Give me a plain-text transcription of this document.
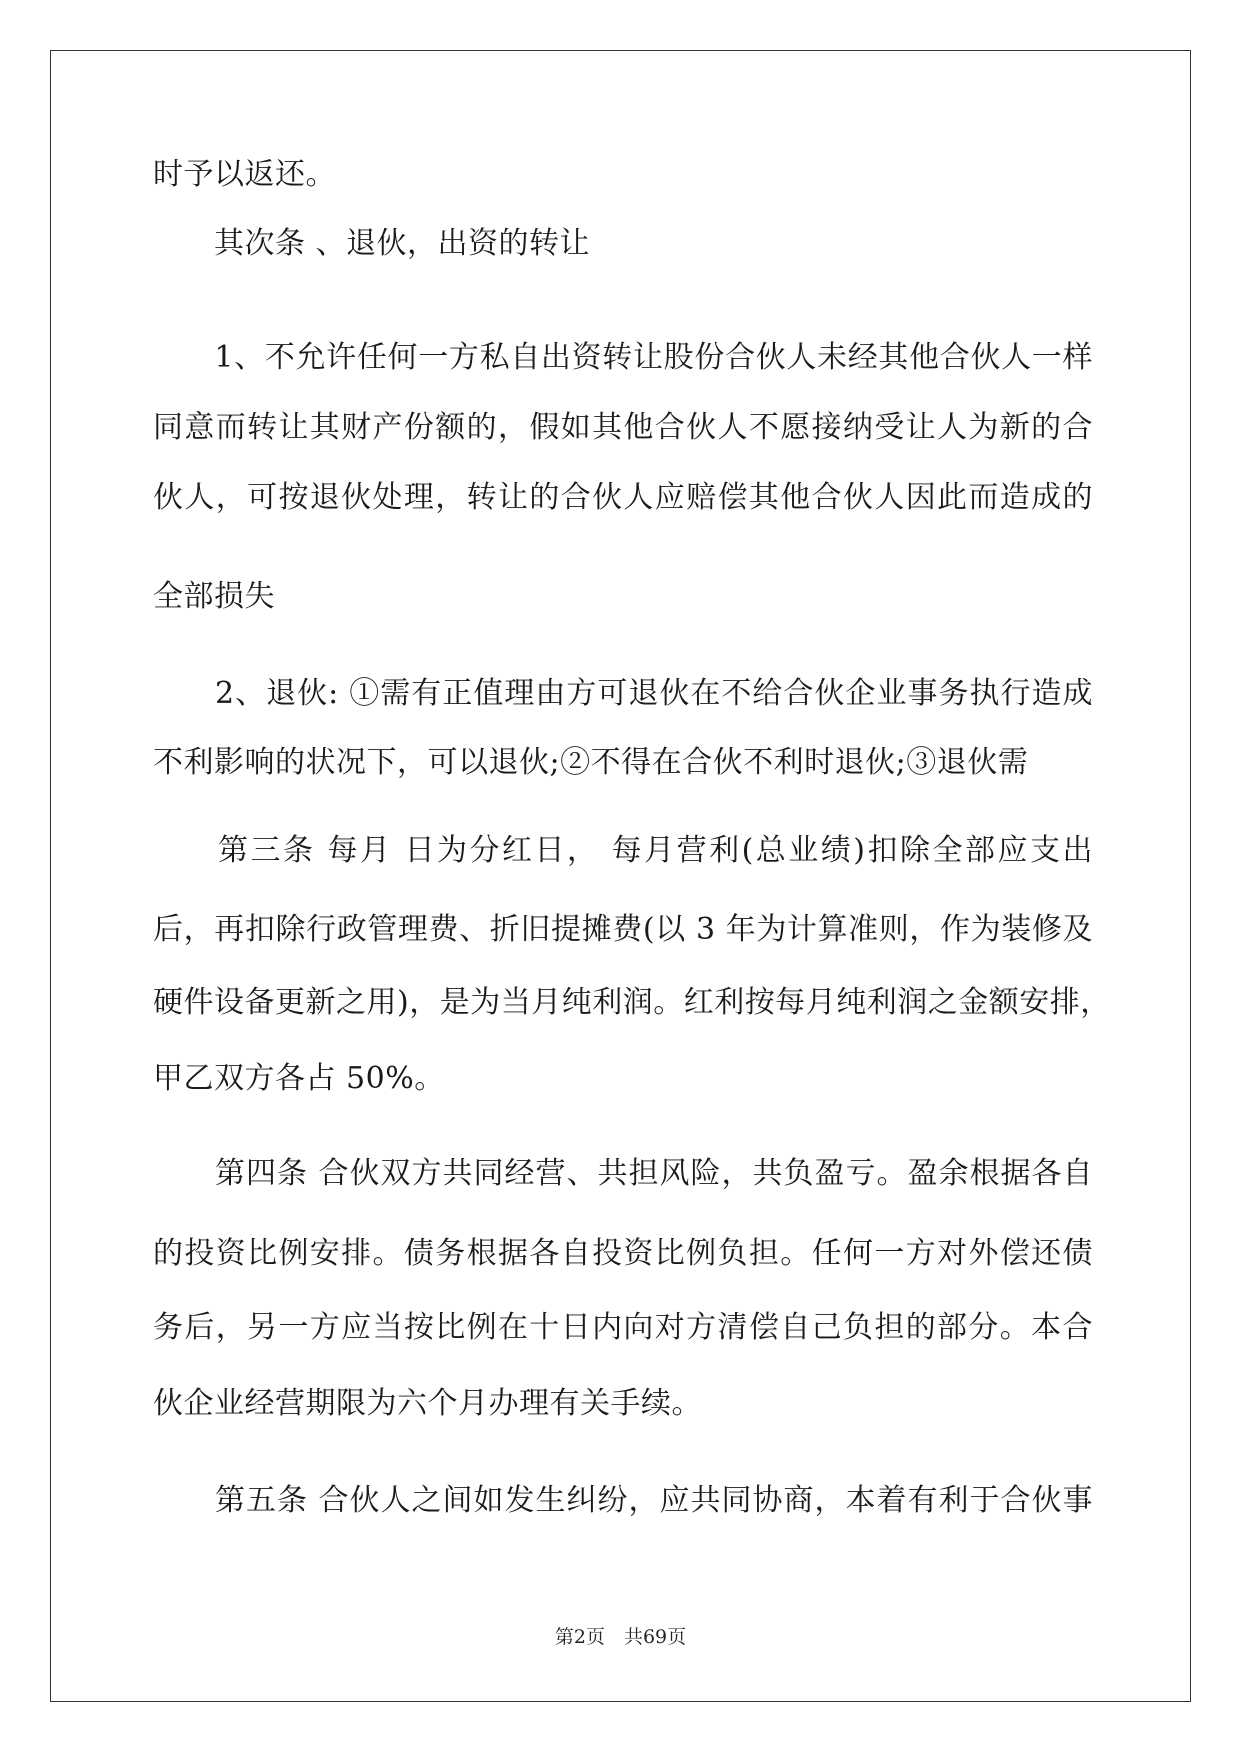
时予以返还。
　　其次条 、退伙，出资的转让
　　1、不允许任何一方私自出资转让股份合伙人未经其他合伙人一样
同意而转让其财产份额的，假如其他合伙人不愿接纳受让人为新的合
伙人，可按退伙处理，转让的合伙人应赔偿其他合伙人因此而造成的
全部损失
　　2、退伙: ①需有正值理由方可退伙在不给合伙企业事务执行造成
不利影响的状况下，可以退伙;②不得在合伙不利时退伙;③退伙需
　　第三条 每月 日为分红日， 每月营利(总业绩)扣除全部应支出
后，再扣除行政管理费、折旧提摊费(以 3 年为计算准则，作为装修及
硬件设备更新之用)，是为当月纯利润。红利按每月纯利润之金额安排，
甲乙双方各占 50%。
　　第四条 合伙双方共同经营、共担风险，共负盈亏。盈余根据各自
的投资比例安排。债务根据各自投资比例负担。任何一方对外偿还债
务后，另一方应当按比例在十日内向对方清偿自己负担的部分。本合
伙企业经营期限为六个月办理有关手续。
　　第五条 合伙人之间如发生纠纷，应共同协商，本着有利于合伙事
第2页　共69页
